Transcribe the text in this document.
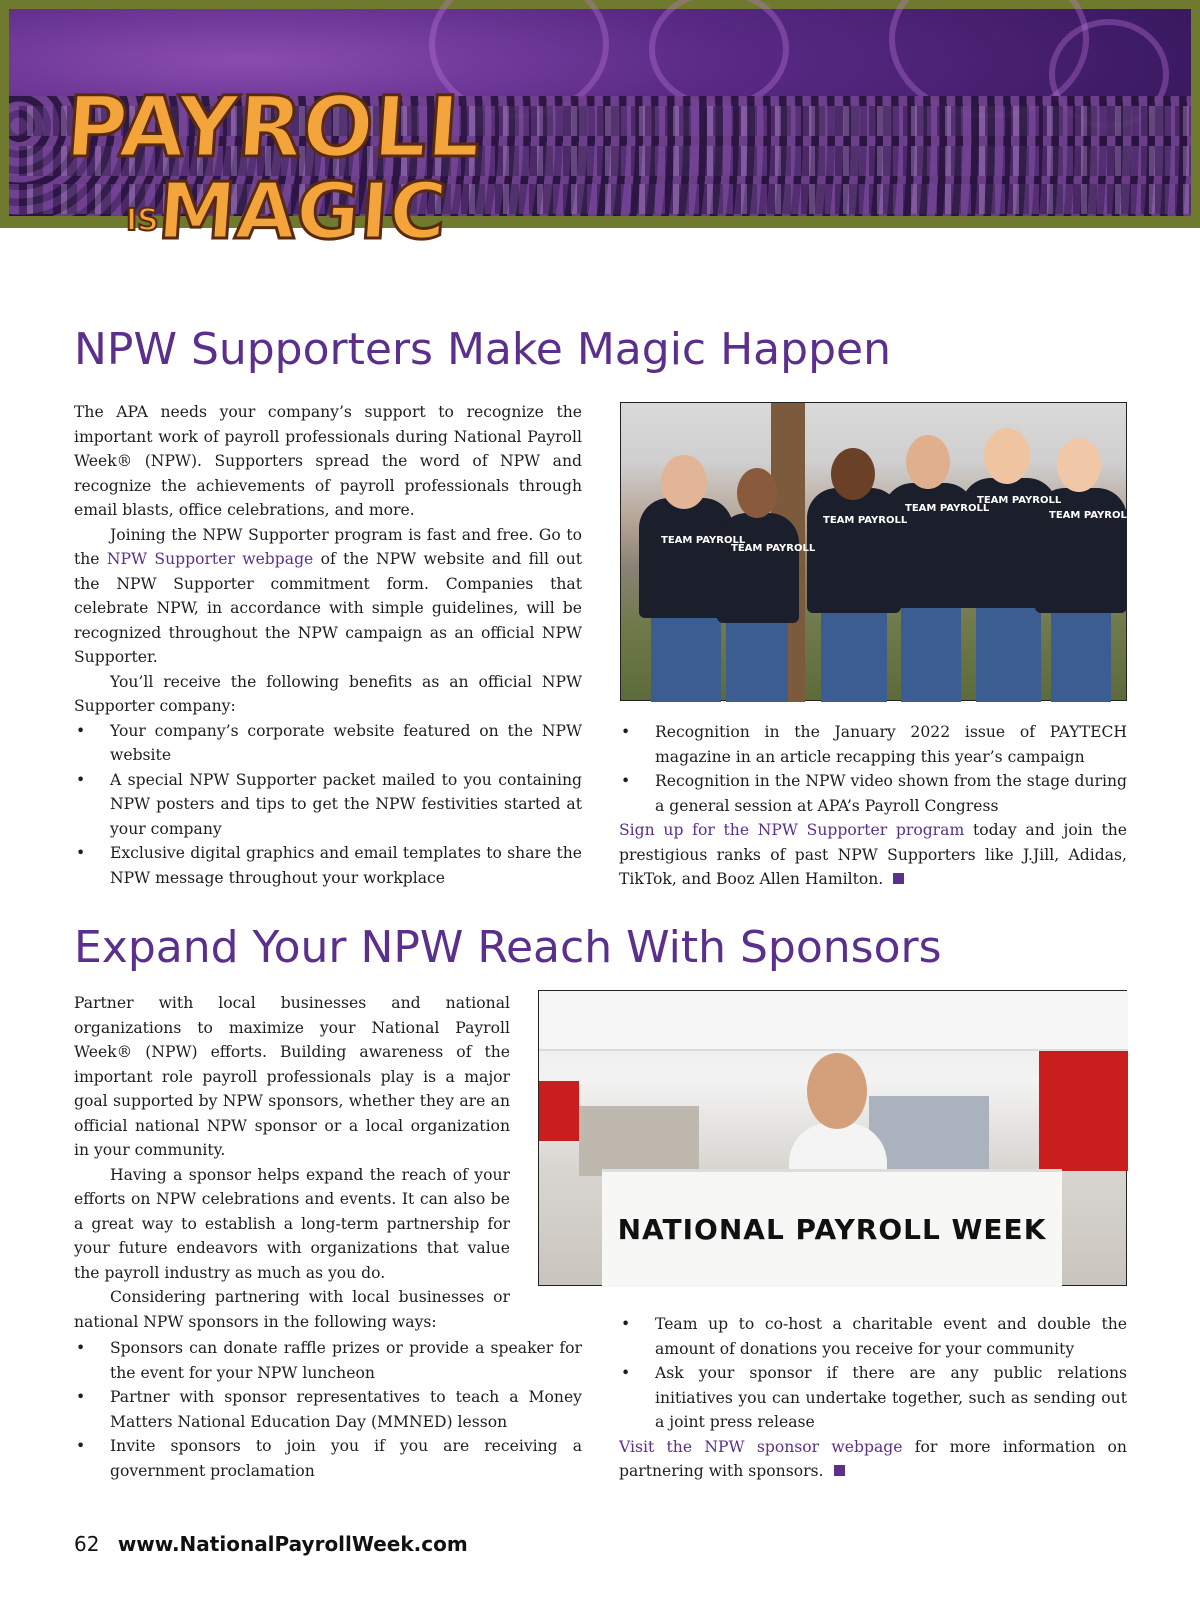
PAYROLL
IS
MAGIC
NPW Supporters Make Magic Happen

The APA needs your company’s support to recognize the important work of payroll professionals during National Payroll Week® (NPW). Supporters spread the word of NPW and recognize the achievements of payroll professionals through email blasts, office celebrations, and more.

Joining the NPW Supporter program is fast and free. Go to the NPW Supporter webpage of the NPW website and fill out the NPW Supporter commitment form. Companies that celebrate NPW, in accordance with simple guidelines, will be recognized throughout the NPW campaign as an official NPW Supporter.

You’ll receive the following benefits as an official NPW Supporter company:

• Your company’s corporate website featured on the NPW website
• A special NPW Supporter packet mailed to you containing NPW posters and tips to get the NPW festivities started at your company
• Exclusive digital graphics and email templates to share the NPW message throughout your workplace
TEAM PAYROLL
TEAM PAYROLL
TEAM PAYROLL
TEAM PAYROLL
TEAM PAYROLL
TEAM PAYROLL
• Recognition in the January 2022 issue of PAYTECH magazine in an article recapping this year’s campaign
• Recognition in the NPW video shown from the stage during a general session at APA’s Payroll Congress

Sign up for the NPW Supporter program today and join the prestigious ranks of past NPW Supporters like J.Jill, Adidas, TikTok, and Booz Allen Hamilton.

Expand Your NPW Reach With Sponsors

Partner with local businesses and national organizations to maximize your National Payroll Week® (NPW) efforts. Building awareness of the important role payroll professionals play is a major goal supported by NPW sponsors, whether they are an official national NPW sponsor or a local organization in your community.

Having a sponsor helps expand the reach of your efforts on NPW celebrations and events. It can also be a great way to establish a long-term partnership for your future endeavors with organizations that value the payroll industry as much as you do.

Considering partnering with local businesses or national NPW sponsors in the following ways:

• Sponsors can donate raffle prizes or provide a speaker for the event for your NPW luncheon
• Partner with sponsor representatives to teach a Money Matters National Education Day (MMNED) lesson
• Invite sponsors to join you if you are receiving a government proclamation
NATIONAL PAYROLL WEEK
• Team up to co-host a charitable event and double the amount of donations you receive for your community
• Ask your sponsor if there are any public relations initiatives you can undertake together, such as sending out a joint press release

Visit the NPW sponsor webpage for more information on partnering with sponsors.

62 www.NationalPayrollWeek.com
